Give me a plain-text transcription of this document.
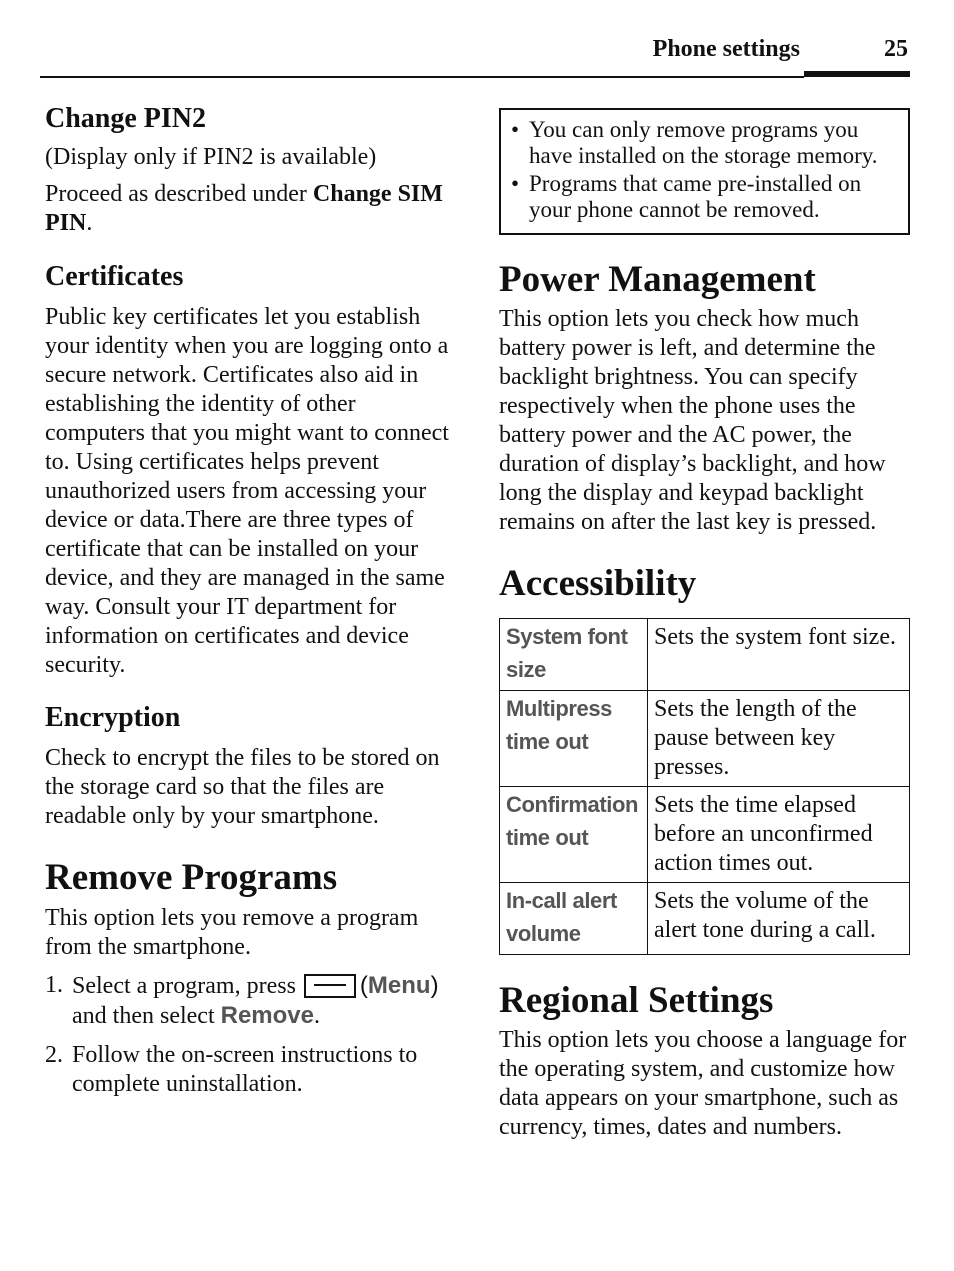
Phone settings	25
Change PIN2

(Display only if PIN2 is available)

Proceed as described under Change SIM PIN.

Certificates

Public key certificates let you establish your identity when you are logging onto a secure network. Certificates also aid in establishing the identity of other computers that you might want to connect to. Using certificates helps prevent unauthorized users from accessing your device or data.There are three types of certificate that can be installed on your device, and they are managed in the same way. Consult your IT department for information on certificates and device security.

Encryption

Check to encrypt the files to be stored on the storage card so that the files are readable only by your smartphone.

Remove Programs

This option lets you remove a program from the smartphone.

1. Select a program, press	(Menu) and then select Remove.
2. Follow the on-screen instructions to complete uninstallation.
• You can only remove programs you have installed on the storage memory.
• Programs that came pre-installed on your phone cannot be removed.
Power Management

This option lets you check how much battery power is left, and determine the backlight brightness. You can specify respectively when the phone uses the battery power and the AC power, the duration of display’s backlight, and how long the display and keypad backlight remains on after the last key is pressed.

Accessibility
System font size	Sets the system font size.
Multipress time out	Sets the length of the pause between key presses.
Confirmation time out	Sets the time elapsed before an unconfirmed action times out.
In-call alert volume	Sets the volume of the alert tone during a call.
Regional Settings

This option lets you choose a language for the operating system, and customize how data appears on your smartphone, such as currency, times, dates and numbers.
